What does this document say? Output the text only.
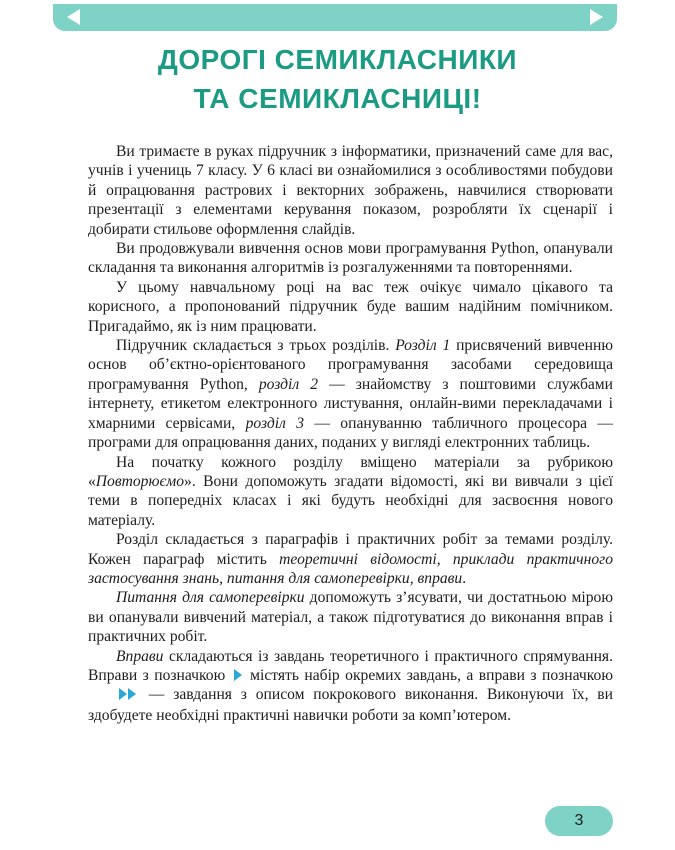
ДОРОГІ СЕМИКЛАСНИКИ
ТА СЕМИКЛАСНИЦІ!

Ви тримаєте в руках підручник з інформатики, призначений саме для вас, учнів і учениць 7 класу. У 6 класі ви ознайомилися з особливостями побудови й опрацювання растрових і векторних зображень, навчилися створювати презентації з елементами керування показом, розробляти їх сценарії і добирати стильове оформлення слайдів.

Ви продовжували вивчення основ мови програмування Python, опанували складання та виконання алгоритмів із розгалуженнями та повтореннями.

У цьому навчальному році на вас теж очікує чимало цікавого та корисного, а пропонований підручник буде вашим надійним помічником. Пригадаймо, як із ним працювати.

Підручник складається з трьох розділів. Розділ 1 присвячений вивченню основ об’єктно-орієнтованого програмування засобами середовища програмування Python, розділ 2 — знайомству з поштовими службами інтернету, етикетом електронного листування, онлайн-вими перекладачами і хмарними сервісами, розділ 3 — опануванню табличного процесора — програми для опрацювання даних, поданих у вигляді електронних таблиць.

На початку кожного розділу вміщено матеріали за рубрикою «Повторюємо». Вони допоможуть згадати відомості, які ви вивчали з цієї теми в попередніх класах і які будуть необхідні для засвоєння нового матеріалу.

Розділ складається з параграфів і практичних робіт за темами розділу. Кожен параграф містить теоретичні відомості, приклади практичного застосування знань, питання для самоперевірки, вправи.

Питання для самоперевірки допоможуть з’ясувати, чи достатньою мірою ви опанували вивчений матеріал, а також підготуватися до виконання вправ і практичних робіт.

Вправи складаються із завдань теоретичного і практичного спрямування. Вправи з позначкою  містять набір окремих завдань, а вправи з позначкою  — завдання з описом покрокового виконання. Виконуючи їх, ви здобудете необхідні практичні навички роботи за комп’ютером.

3
